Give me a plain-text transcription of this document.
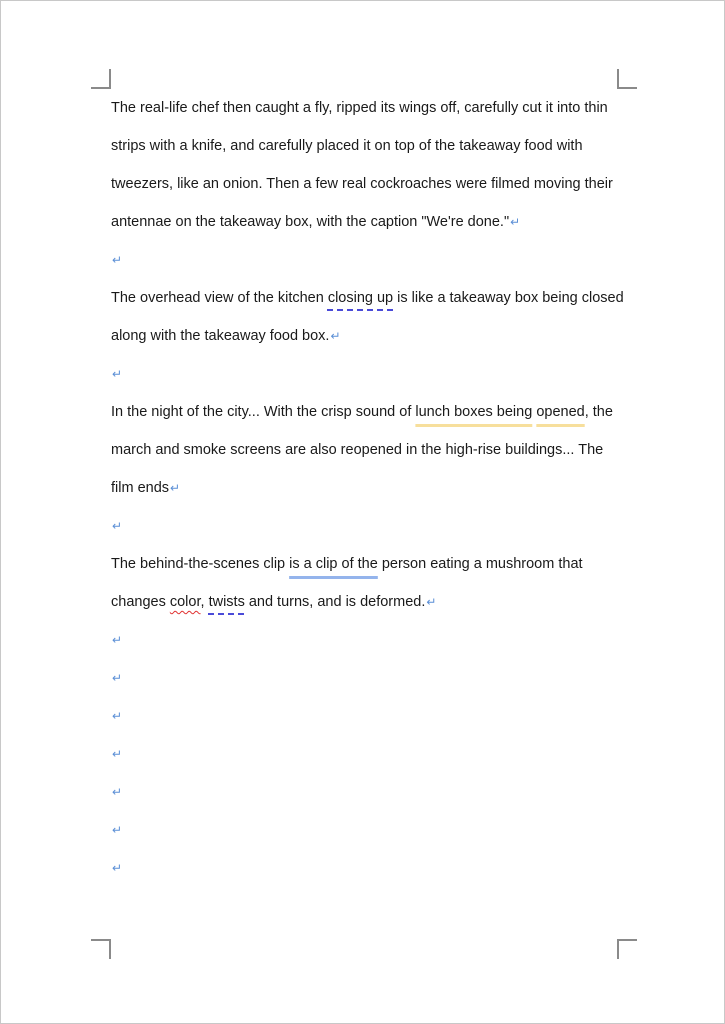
The real-life chef then caught a fly, ripped its wings off, carefully cut it into thin strips with a knife, and carefully placed it on top of the takeaway food with tweezers, like an onion. Then a few real cockroaches were filmed moving their antennae on the takeaway box, with the caption "We're done."↵

↵

The overhead view of the kitchen closing up is like a takeaway box being closed along with the takeaway food box.↵

↵

In the night of the city... With the crisp sound of lunch boxes being opened, the march and smoke screens are also reopened in the high-rise buildings... The film ends↵

↵

The behind-the-scenes clip is a clip of the person eating a mushroom that changes color, twists and turns, and is deformed.↵

↵

↵

↵

↵

↵

↵

↵
